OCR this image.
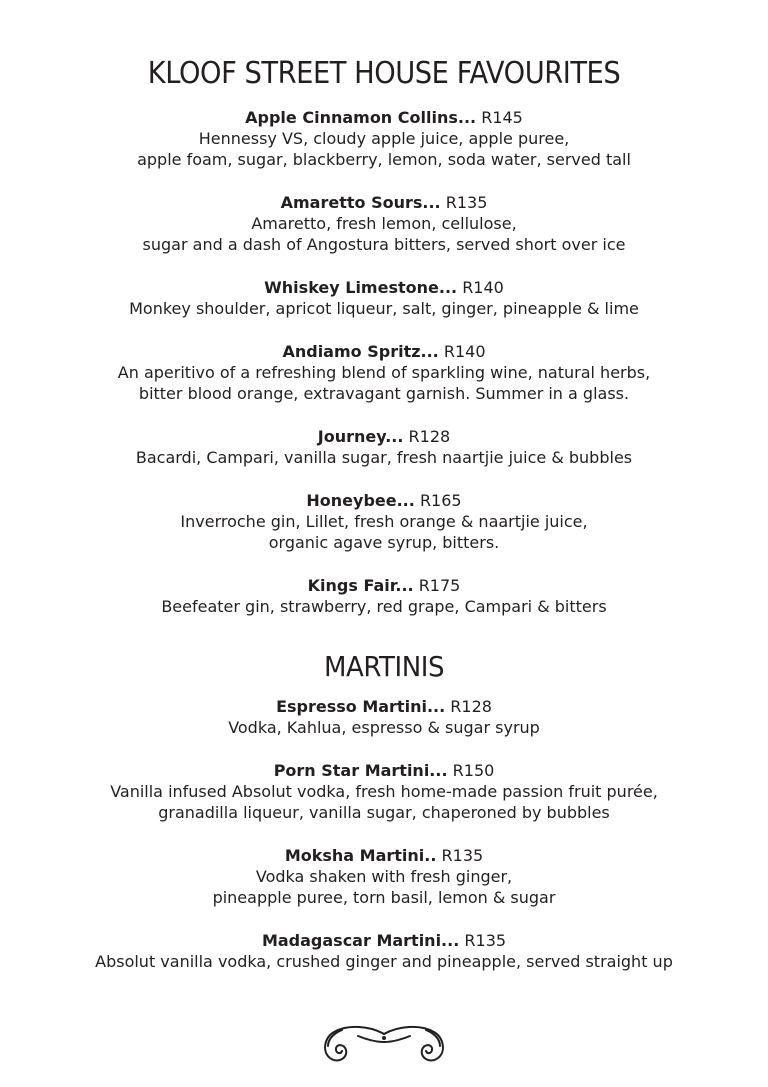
KLOOF STREET HOUSE FAVOURITES
Apple Cinnamon Collins... R145
Hennessy VS, cloudy apple juice, apple puree,
apple foam, sugar, blackberry, lemon, soda water, served tall
Amaretto Sours... R135
Amaretto, fresh lemon, cellulose,
sugar and a dash of Angostura bitters, served short over ice
Whiskey Limestone... R140
Monkey shoulder, apricot liqueur, salt, ginger, pineapple & lime
Andiamo Spritz... R140
An aperitivo of a refreshing blend of sparkling wine, natural herbs,
bitter blood orange, extravagant garnish. Summer in a glass.
Journey... R128
Bacardi, Campari, vanilla sugar, fresh naartjie juice & bubbles
Honeybee... R165
Inverroche gin, Lillet, fresh orange & naartjie juice,
organic agave syrup, bitters.
Kings Fair... R175
Beefeater gin, strawberry, red grape, Campari & bitters
MARTINIS
Espresso Martini... R128
Vodka, Kahlua, espresso & sugar syrup
Porn Star Martini... R150
Vanilla infused Absolut vodka, fresh home-made passion fruit purée,
granadilla liqueur, vanilla sugar, chaperoned by bubbles
Moksha Martini.. R135
Vodka shaken with fresh ginger,
pineapple puree, torn basil, lemon & sugar
Madagascar Martini... R135
Absolut vanilla vodka, crushed ginger and pineapple, served straight up
